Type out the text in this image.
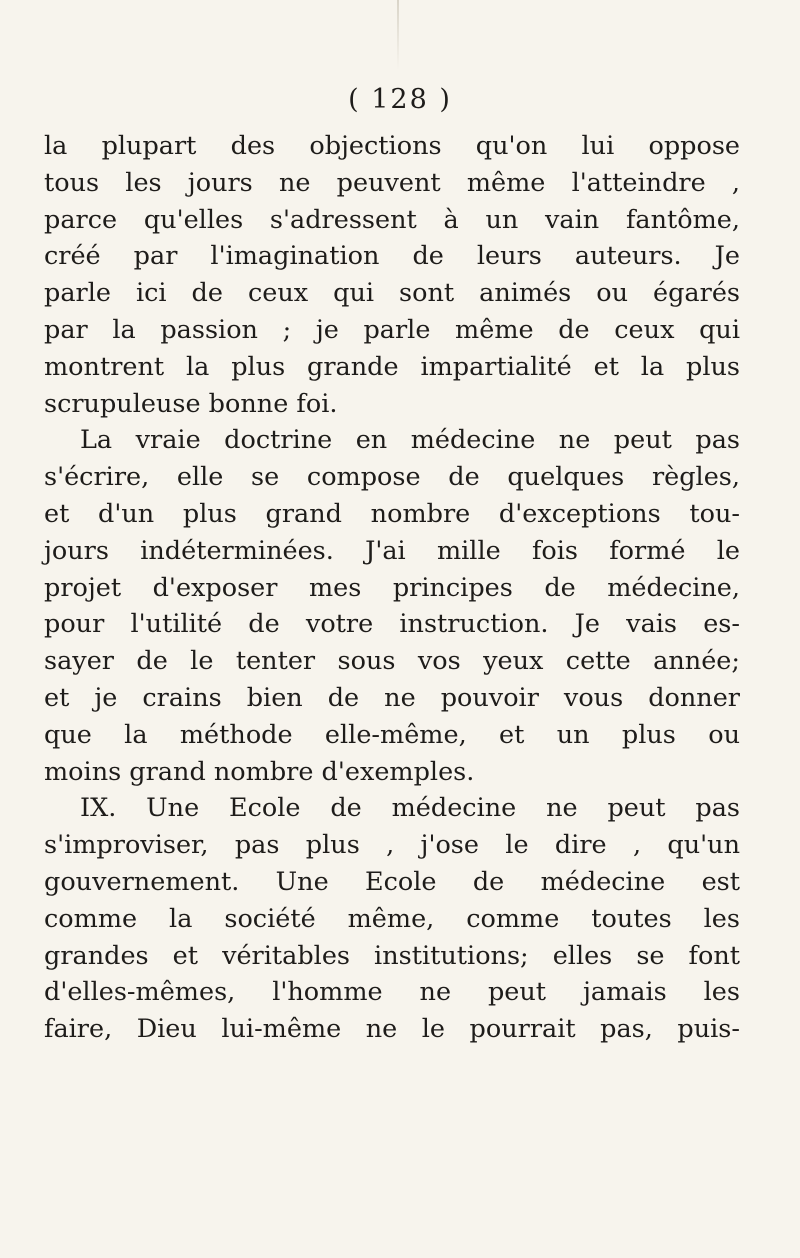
( 128 )
la plupart des objections qu'on lui oppose
tous les jours ne peuvent même l'atteindre ,
parce qu'elles s'adressent à un vain fantôme,
créé par l'imagination de leurs auteurs. Je
parle ici de ceux qui sont animés ou égarés
par la passion ; je parle même de ceux qui
montrent la plus grande impartialité et la plus
scrupuleuse bonne foi.
La vraie doctrine en médecine ne peut pas
s'écrire, elle se compose de quelques règles,
et d'un plus grand nombre d'exceptions tou-
jours indéterminées. J'ai mille fois formé le
projet d'exposer mes principes de médecine,
pour l'utilité de votre instruction. Je vais es-
sayer de le tenter sous vos yeux cette année;
et je crains bien de ne pouvoir vous donner
que la méthode elle-même, et un plus ou
moins grand nombre d'exemples.
IX. Une Ecole de médecine ne peut pas
s'improviser, pas plus , j'ose le dire , qu'un
gouvernement. Une Ecole de médecine est
comme la société même, comme toutes les
grandes et véritables institutions; elles se font
d'elles-mêmes, l'homme ne peut jamais les
faire, Dieu lui-même ne le pourrait pas, puis-
